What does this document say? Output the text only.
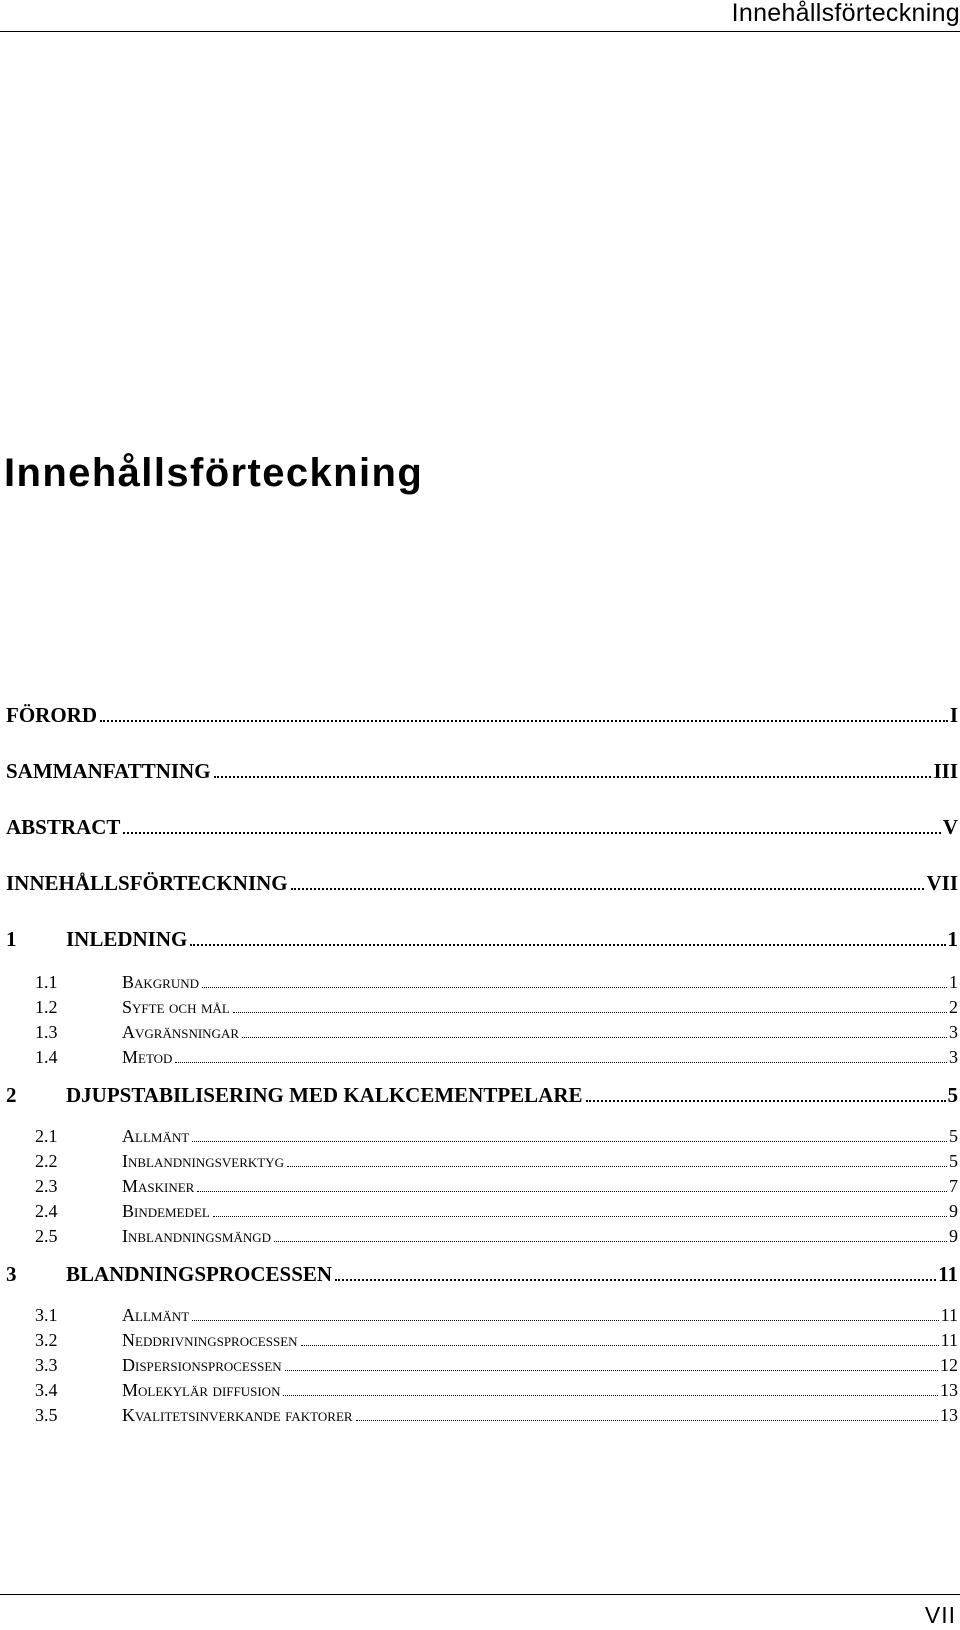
Innehållsförteckning
Innehållsförteckning
FÖRORD	I
SAMMANFATTNING	III
ABSTRACT	V
INNEHÅLLSFÖRTECKNING	VII
1	INLEDNING	1
1.1	Bakgrund	1
1.2	Syfte och mål	2
1.3	Avgränsningar	3
1.4	Metod	3
2	DJUPSTABILISERING MED KALKCEMENTPELARE	5
2.1	Allmänt	5
2.2	Inblandningsverktyg	5
2.3	Maskiner	7
2.4	Bindemedel	9
2.5	Inblandningsmängd	9
3	BLANDNINGSPROCESSEN	11
3.1	Allmänt	11
3.2	Neddrivningsprocessen	11
3.3	Dispersionsprocessen	12
3.4	Molekylär diffusion	13
3.5	Kvalitetsinverkande faktorer	13
VII
